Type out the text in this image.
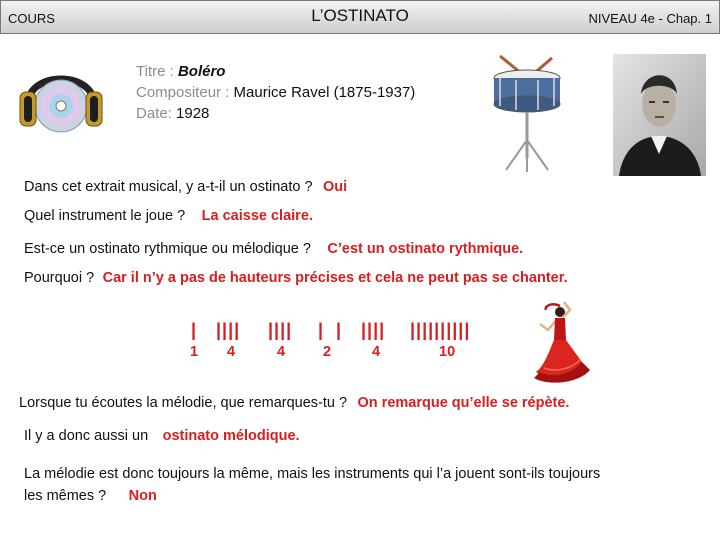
COURS	L’OSTINATO	NIVEAU 4e - Chap. 1
Titre : Boléro
Compositeur : Maurice Ravel (1875-1937)
Date: 1928
Dans cet extrait musical, y a-t-il un ostinato ? Oui
Quel instrument le joue ? La caisse claire.
Est-ce un ostinato rythmique ou mélodique ? C’est un ostinato rythmique.
Pourquoi ? Car il n’y a pas de hauteurs précises et cela ne peut pas se chanter.
| |||| |||| |  | |||| ||||||||||
1 4	4	2	4	10
Lorsque tu écoutes la mélodie, que remarques-tu ? On remarque qu’elle se répète.
Il y a donc aussi un ostinato mélodique.
La mélodie est donc toujours la même, mais les instruments qui l’a jouent sont-ils toujours
les mêmes ? Non
